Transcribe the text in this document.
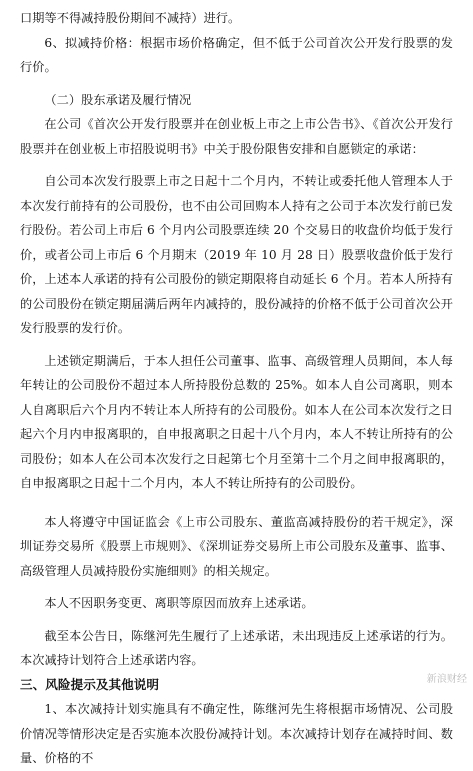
口期等不得减持股份期间不减持）进行。

6、拟减持价格：根据市场价格确定，但不低于公司首次公开发行股票的发行价。

（二）股东承诺及履行情况

在公司《首次公开发行股票并在创业板上市之上市公告书》、《首次公开发行股票并在创业板上市招股说明书》中关于股份限售安排和自愿锁定的承诺：

自公司本次发行股票上市之日起十二个月内，不转让或委托他人管理本人于本次发行前持有的公司股份，也不由公司回购本人持有之公司于本次发行前已发行股份。若公司上市后 6 个月内公司股票连续 20 个交易日的收盘价均低于发行价，或者公司上市后 6 个月期末（2019 年 10 月 28 日）股票收盘价低于发行价，上述本人承诺的持有公司股份的锁定期限将自动延长 6 个月。若本人所持有的公司股份在锁定期届满后两年内减持的，股份减持的价格不低于公司首次公开发行股票的发行价。

上述锁定期满后，于本人担任公司董事、监事、高级管理人员期间，本人每年转让的公司股份不超过本人所持股份总数的 25%。如本人自公司离职，则本人自离职后六个月内不转让本人所持有的公司股份。如本人在公司本次发行之日起六个月内申报离职的，自申报离职之日起十八个月内，本人不转让所持有的公司股份；如本人在公司本次发行之日起第七个月至第十二个月之间申报离职的，自申报离职之日起十二个月内，本人不转让所持有的公司股份。

本人将遵守中国证监会《上市公司股东、董监高减持股份的若干规定》，深圳证券交易所《股票上市规则》、《深圳证券交易所上市公司股东及董事、监事、高级管理人员减持股份实施细则》的相关规定。

本人不因职务变更、离职等原因而放弃上述承诺。

截至本公告日，陈继河先生履行了上述承诺，未出现违反上述承诺的行为。本次减持计划符合上述承诺内容。

三、风险提示及其他说明

1、本次减持计划实施具有不确定性，陈继河先生将根据市场情况、公司股价情况等情形决定是否实施本次股份减持计划。本次减持计划存在减持时间、数量、价格的不

新浪财经
